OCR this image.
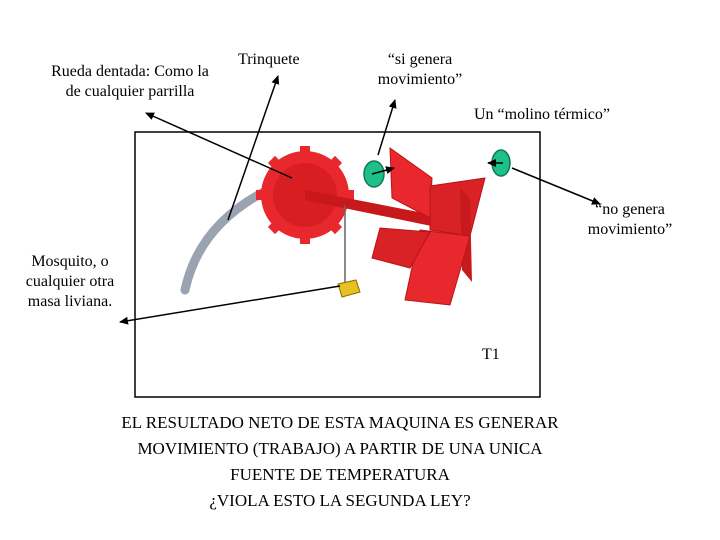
Rueda dentada: Como la
de cualquier parrilla
Trinquete	“si genera
movimiento”
Un “molino térmico”
“no genera
movimiento”
Mosquito, o
cualquier otra
masa liviana.
T1
EL RESULTADO NETO DE ESTA MAQUINA ES GENERAR
MOVIMIENTO (TRABAJO) A PARTIR DE UNA UNICA
FUENTE DE TEMPERATURA
¿VIOLA ESTO LA SEGUNDA LEY?
